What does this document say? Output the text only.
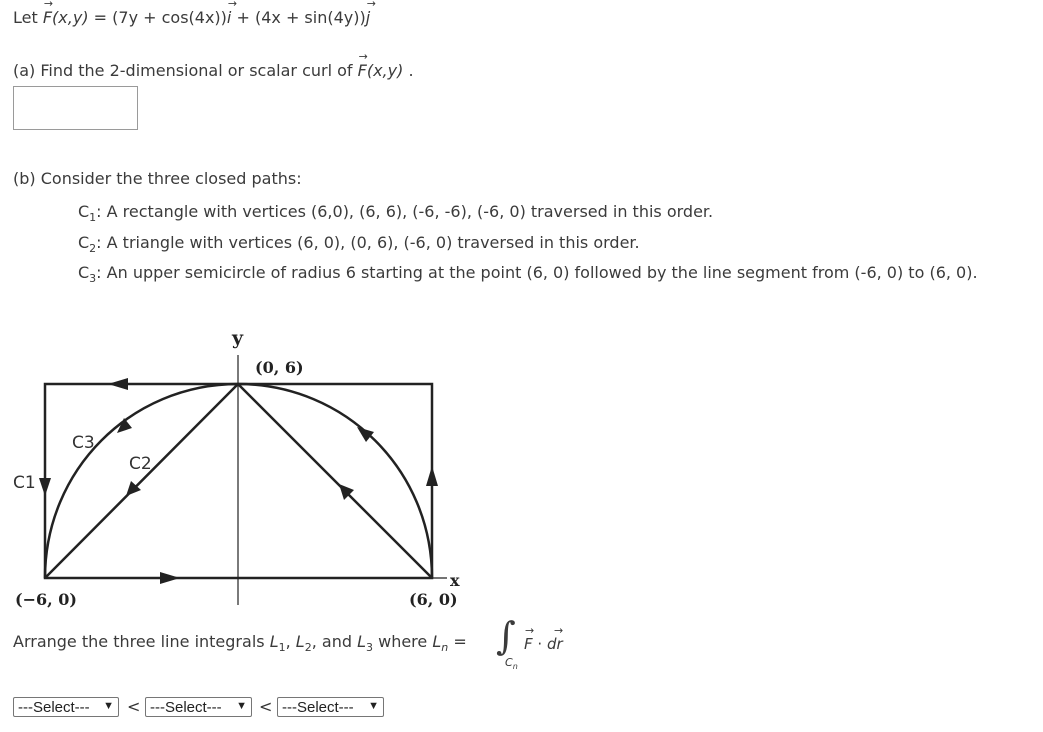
Let
→
F(x,y) = (7y + cos(4x))
→
i + (4x + sin(4y))
→
j
(a) Find the 2-dimensional or scalar curl of
→
F(x,y) .
(b) Consider the three closed paths:
$C_1$: A rectangle with vertices (6,0), (6, 6), (-6, -6), (-6, 0) traversed in this order.
$C_2$: A triangle with vertices (6, 0), (0, 6), (-6, 0) traversed in this order.
$C_3$: An upper semicircle of radius 6 starting at the point (6, 0) followed by the line segment from (-6, 0) to (6, 0).
y
x
(0, 6)
(−6, 0)	(6, 0)
C1
C3
C2
Arrange the three line integrals $L_1$, $L_2$, and $L_3$ where $L_n$ = ∫
$C_n$
→
F ·
→
dr
---Select--- ▼ < ---Select--- ▼ < ---Select--- ▼
